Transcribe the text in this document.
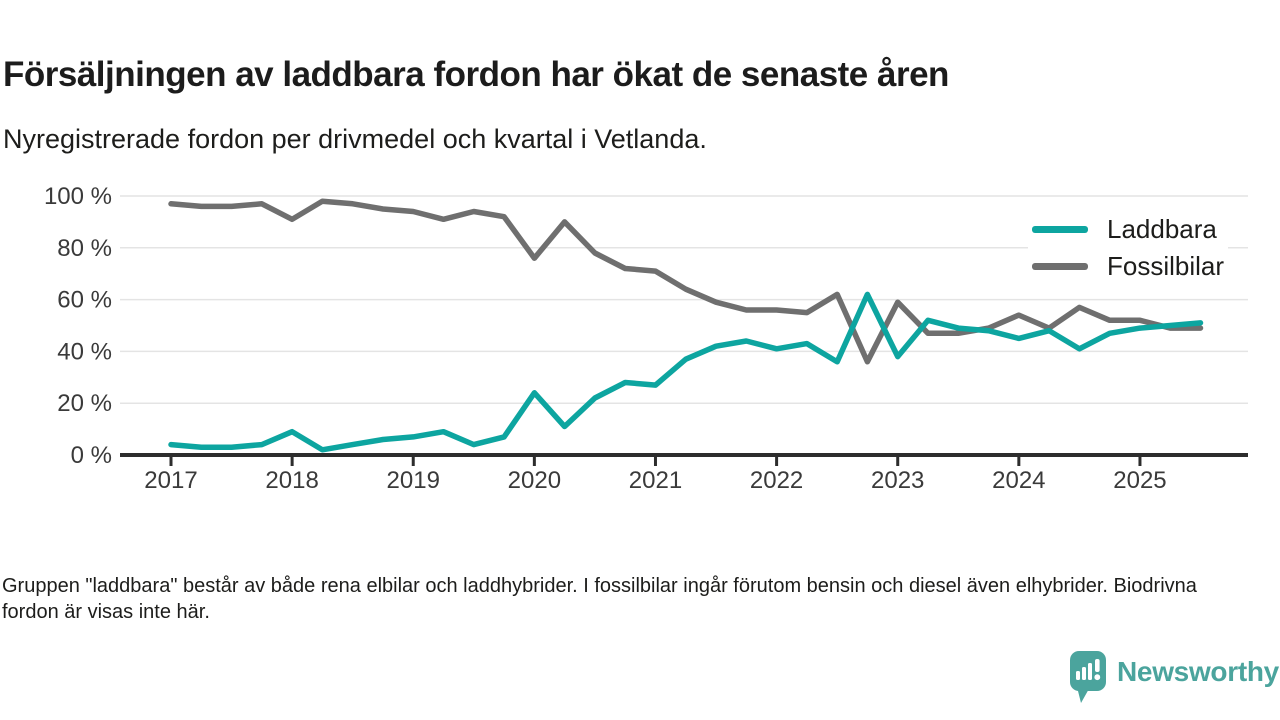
Försäljningen av laddbara fordon har ökat de senaste åren
Nyregistrerade fordon per drivmedel och kvartal i Vetlanda.
0 %
20 %
40 %
60 %
80 %
100 %
2017	2018	2019	2020	2021	2022	2023	2024	2025
Laddbara
Fossilbilar

Gruppen "laddbara" består av både rena elbilar och laddhybrider. I fossilbilar ingår förutom bensin och diesel även elhybrider. Biodrivna fordon är visas inte här.

Newsworthy
